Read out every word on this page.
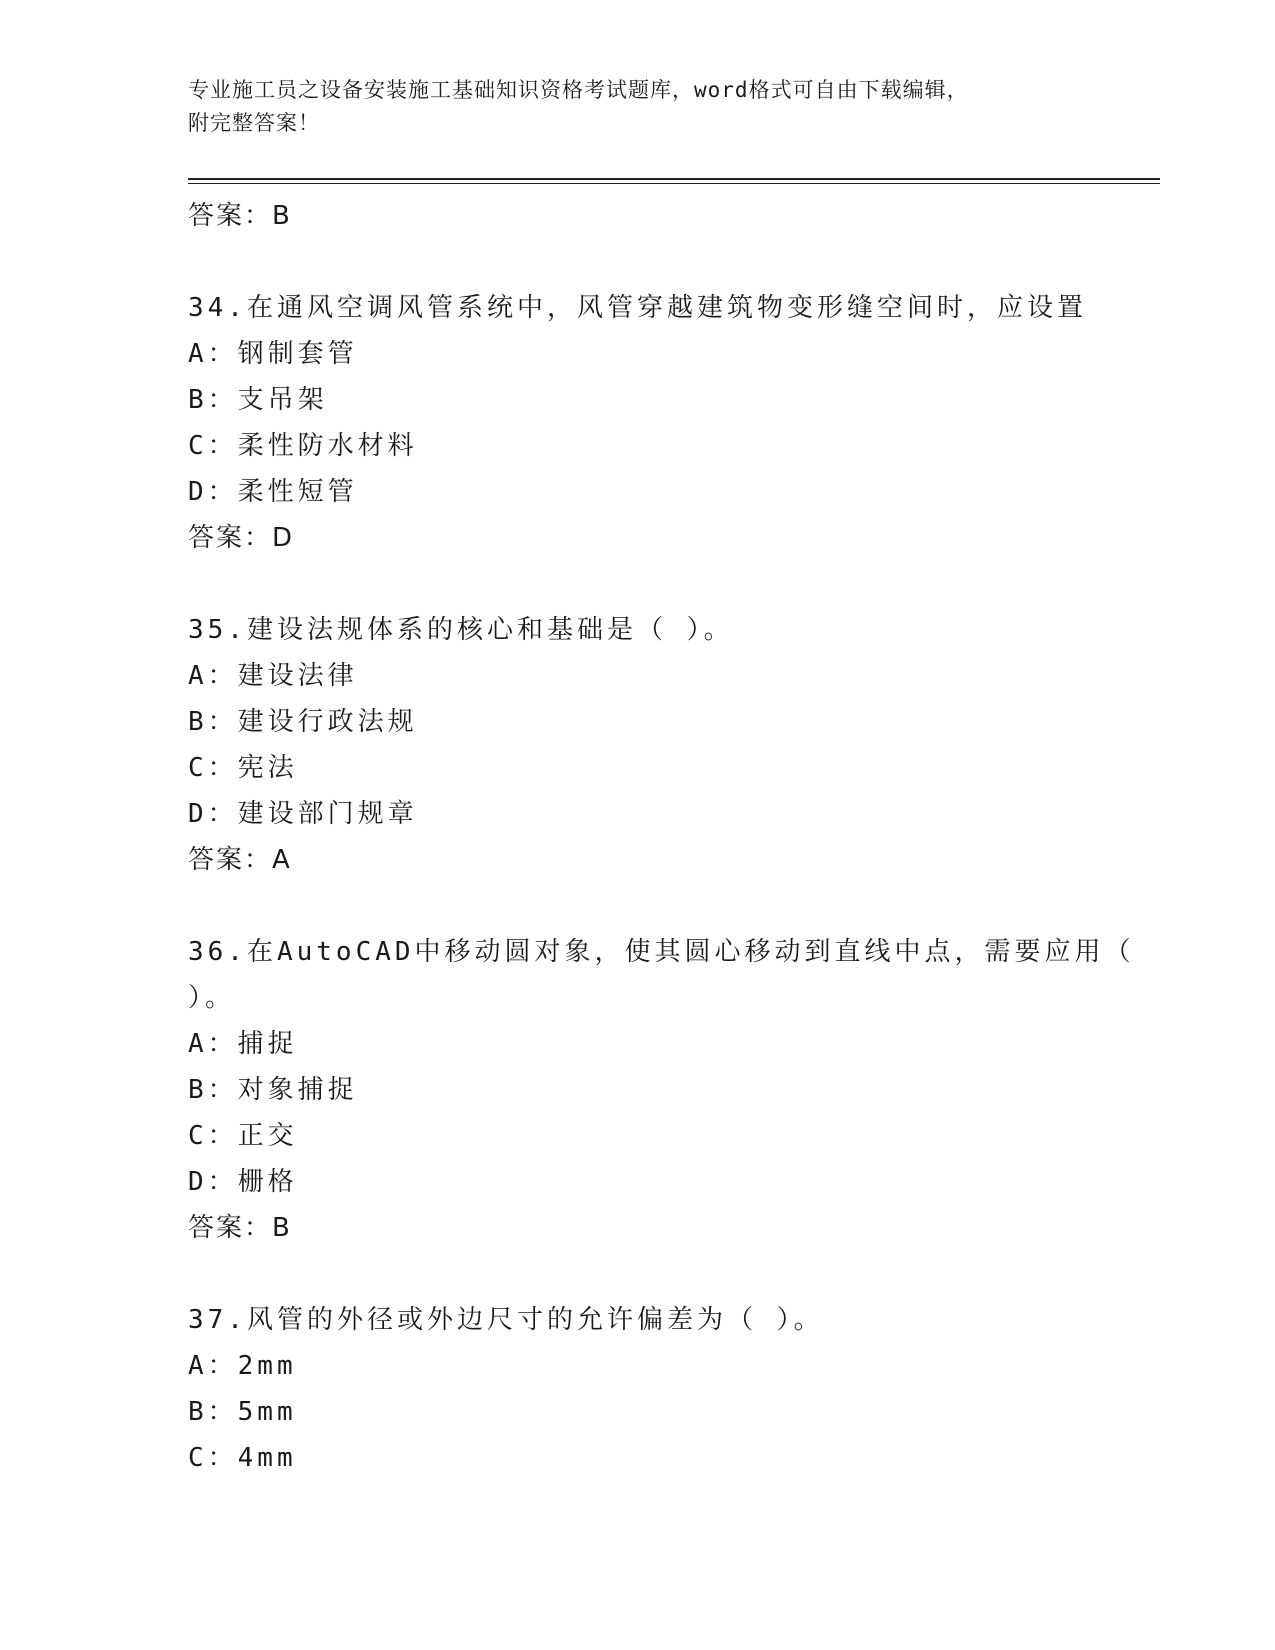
专业施工员之设备安装施工基础知识资格考试题库，word格式可自由下载编辑，
附完整答案！
答案：B
34.在通风空调风管系统中，风管穿越建筑物变形缝空间时，应设置
A：钢制套管
B：支吊架
C：柔性防水材料
D：柔性短管
答案：D
35.建设法规体系的核心和基础是（ ）。
A：建设法律
B：建设行政法规
C：宪法
D：建设部门规章
答案：A
36.在AutoCAD中移动圆对象，使其圆心移动到直线中点，需要应用（
）。
A：捕捉
B：对象捕捉
C：正交
D：栅格
答案：B
37.风管的外径或外边尺寸的允许偏差为（ ）。
A：2mm
B：5mm
C：4mm
